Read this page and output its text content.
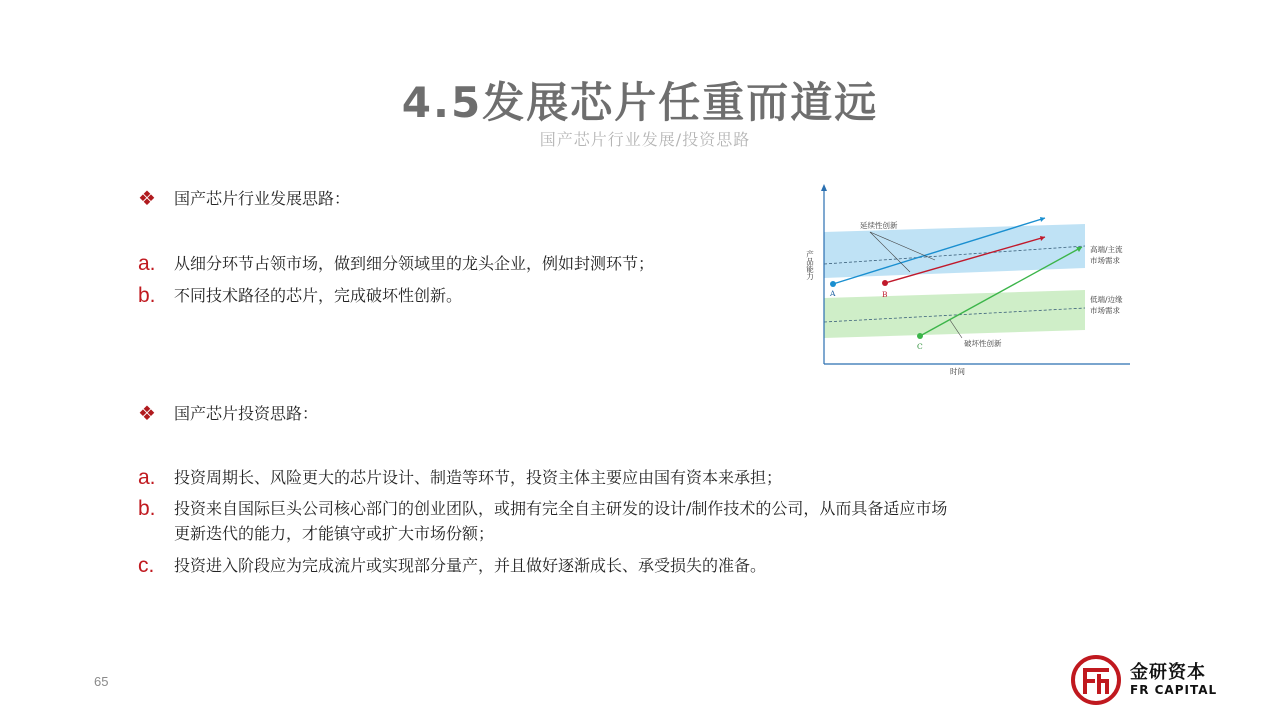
4.5发展芯片任重而道远
国产芯片行业发展/投资思路
❖ 国产芯片行业发展思路：
a.	从细分环节占领市场，做到细分领域里的龙头企业，例如封测环节；
b.	不同技术路径的芯片，完成破坏性创新。
❖ 国产芯片投资思路：
a.	投资周期长、风险更大的芯片设计、制造等环节，投资主体主要应由国有资本来承担；
b.	投资来自国际巨头公司核心部门的创业团队，或拥有完全自主研发的设计/制作技术的公司，从而具备适应市场
更新迭代的能力，才能镇守或扩大市场份额；
c.	投资进入阶段应为完成流片或实现部分量产，并且做好逐渐成长、承受损失的准备。
延续性创新
破坏性创新
高端/主流
市场需求
低端/边缘
市场需求
A	B
C
时间
产品能力
65	金研资本
FR CAPITAL
